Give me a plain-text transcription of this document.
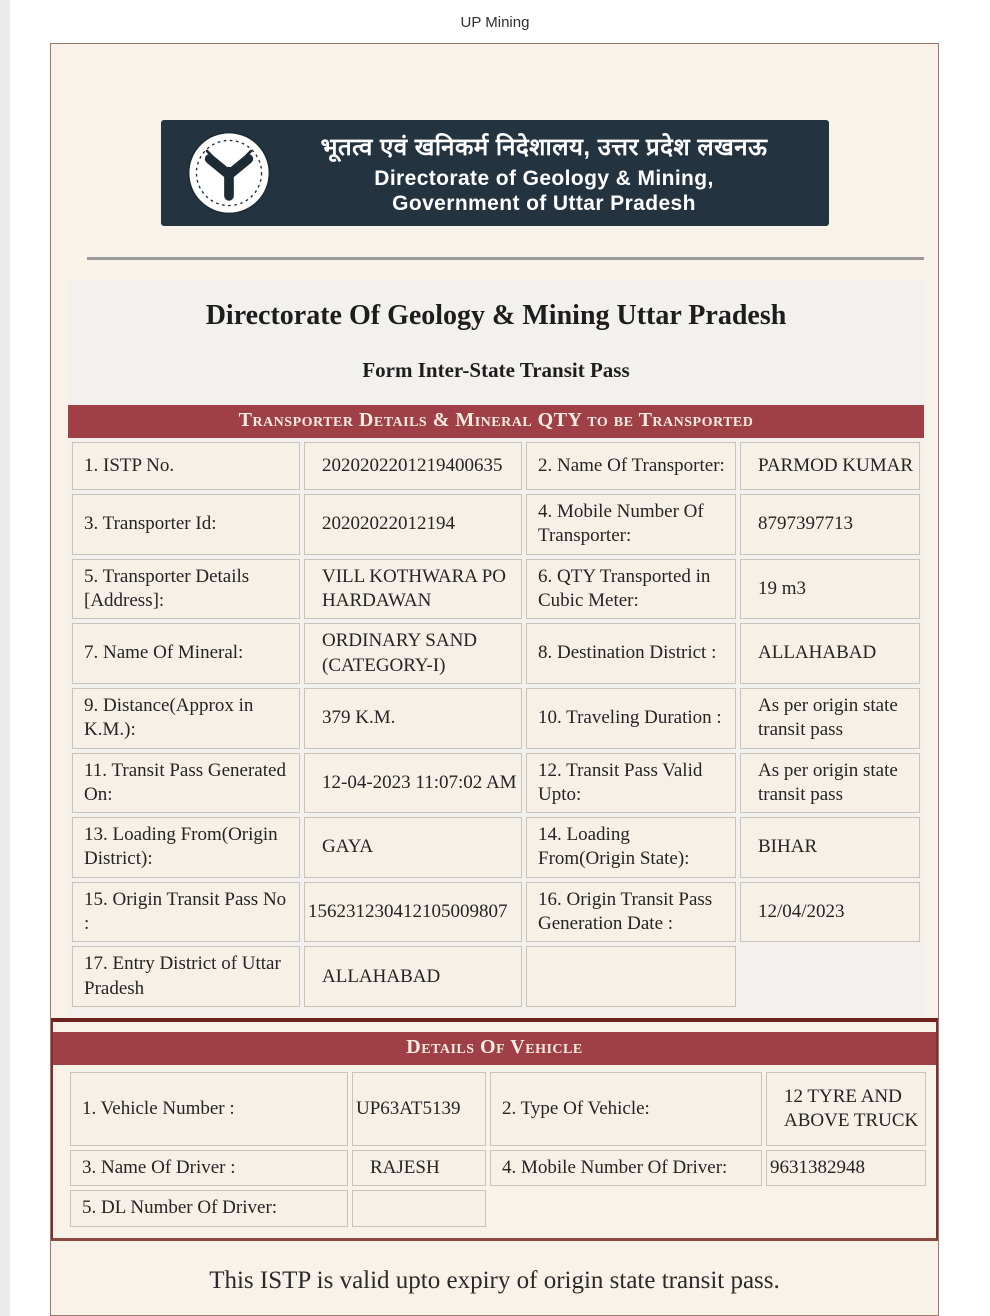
UP Mining
भूतत्व एवं खनिकर्म निदेशालय, उत्तर प्रदेश लखनऊ
Directorate of Geology & Mining,
Government of Uttar Pradesh
Directorate Of Geology & Mining Uttar Pradesh
Form Inter-State Transit Pass
Transporter Details & Mineral QTY to be Transported
1. ISTP No.	2020202201219400635	2. Name Of Transporter:	PARMOD KUMAR
3. Transporter Id:	20202022012194	4. Mobile Number Of Transporter:	8797397713
5. Transporter Details [Address]:	VILL KOTHWARA PO HARDAWAN	6. QTY Transported in Cubic Meter:	19 m3
7. Name Of Mineral:	ORDINARY SAND (CATEGORY-I)	8. Destination District :	ALLAHABAD
9. Distance(Approx in K.M.):	379 K.M.	10. Traveling Duration :	As per origin state transit pass
11. Transit Pass Generated On:	12-04-2023 11:07:02 AM	12. Transit Pass Valid Upto:	As per origin state transit pass
13. Loading From(Origin District):	GAYA	14. Loading From(Origin State):	BIHAR
15. Origin Transit Pass No :	156231230412105009807	16. Origin Transit Pass Generation Date :	12/04/2023
17. Entry District of Uttar Pradesh	ALLAHABAD		
Details Of Vehicle
1. Vehicle Number :	UP63AT5139	2. Type Of Vehicle:	12 TYRE AND ABOVE TRUCK
3. Name Of Driver :	RAJESH	4. Mobile Number Of Driver:	9631382948
5. DL Number Of Driver:			
This ISTP is valid upto expiry of origin state transit pass.
